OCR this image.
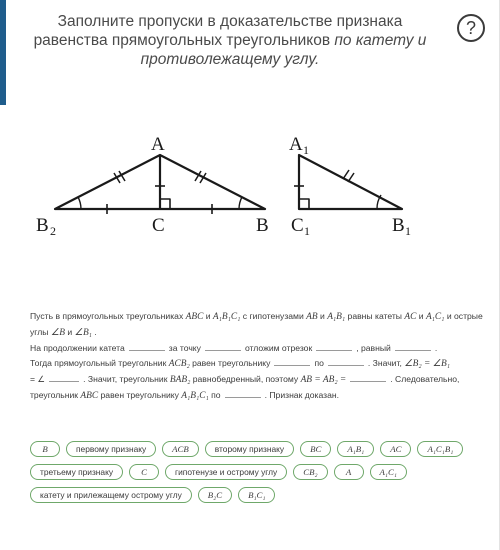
Заполните пропуски в доказательстве признака равенства прямоугольных треугольников по катету и противолежащему углу.
?
A
B 2	C	B
A 1
C 1	B 1

Пусть в прямоугольных треугольниках ABC и A₁B₁C₁ с гипотенузами AB и A₁B₁ равны катеты AC и A₁C₁ и острые углы ∠B и ∠B₁ .

На продолжении катета	за точку	отложим отрезок	, равный	.

Тогда прямоугольный треугольник ACB₂ равен треугольнику	по	. Значит, ∠B₂ = ∠B₁

= ∠	. Значит, треугольник BAB₂ равнобедренный, поэтому AB = AB₂ =	. Следовательно,

треугольник ABC равен треугольнику A₁B₁C₁ по	. Признак доказан.

B	первому признаку	ACB	второму признаку	BC	A₁B₁	AC	A₁C₁B₁
третьему признаку	C	гипотенузе и острому углу	CB₂	A	A₁C₁
катету и прилежащему острому углу	B₂C	B₁C₁
